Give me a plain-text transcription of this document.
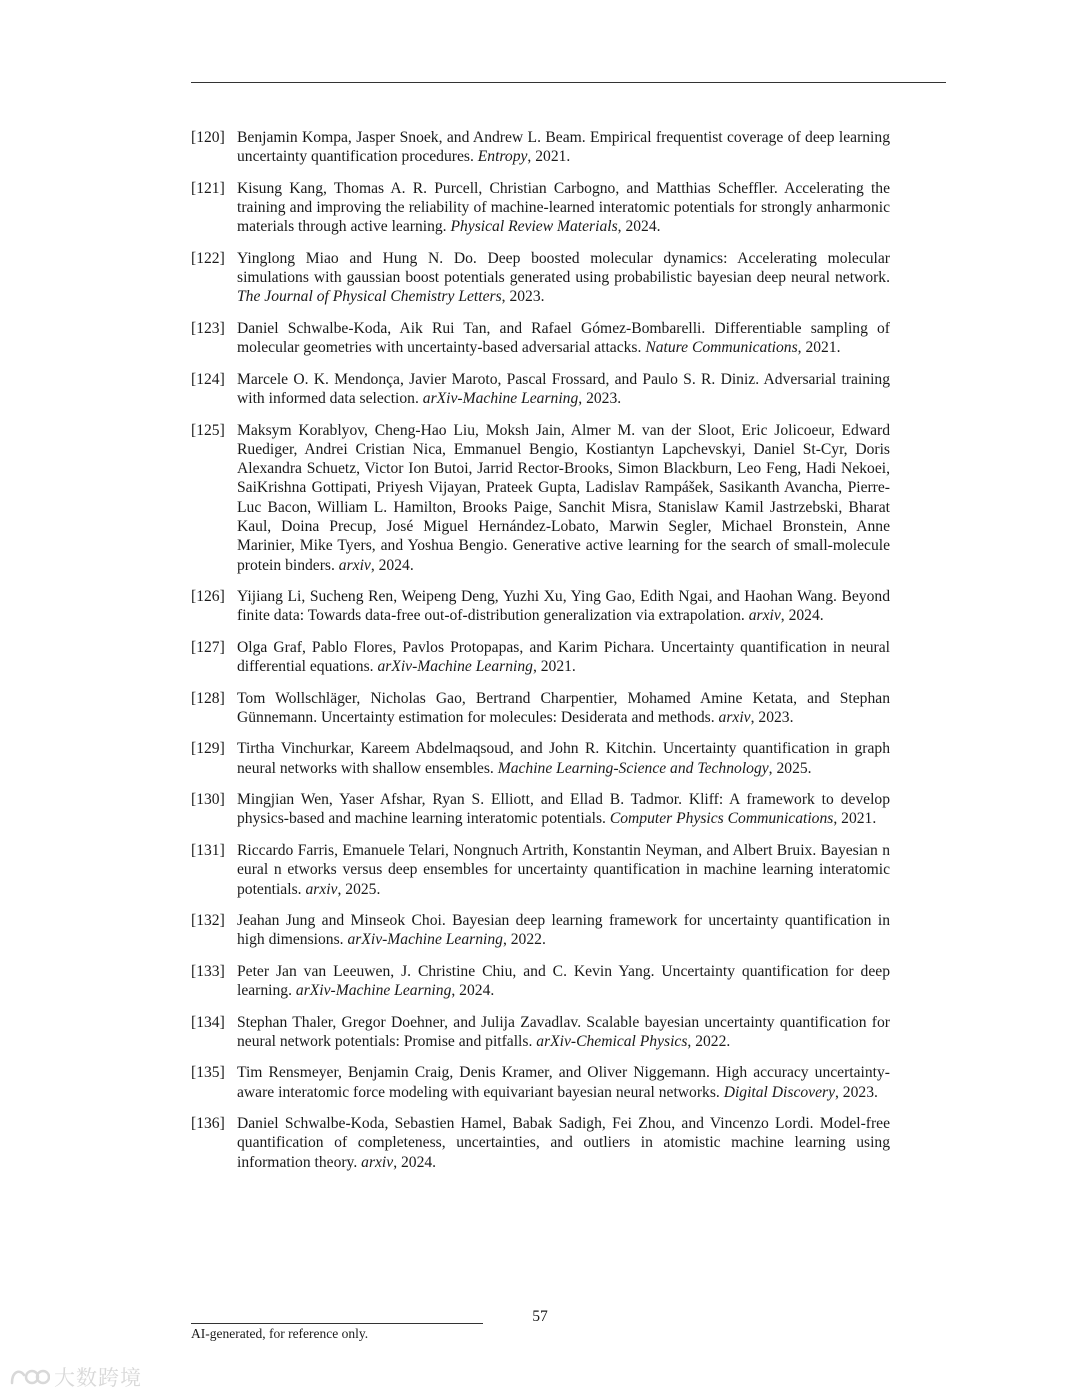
[120] Benjamin Kompa, Jasper Snoek, and Andrew L. Beam. Empirical frequentist coverage of deep learning uncertainty quantification procedures. Entropy, 2021.
[121] Kisung Kang, Thomas A. R. Purcell, Christian Carbogno, and Matthias Scheffler. Accelerating the training and improving the reliability of machine-learned interatomic potentials for strongly anharmonic materials through active learning. Physical Review Materials, 2024.
[122] Yinglong Miao and Hung N. Do. Deep boosted molecular dynamics: Accelerating molecular simulations with gaussian boost potentials generated using probabilistic bayesian deep neural network. The Journal of Physical Chemistry Letters, 2023.
[123] Daniel Schwalbe-Koda, Aik Rui Tan, and Rafael Gómez-Bombarelli. Differentiable sampling of molecular geometries with uncertainty-based adversarial attacks. Nature Communications, 2021.
[124] Marcele O. K. Mendonça, Javier Maroto, Pascal Frossard, and Paulo S. R. Diniz. Adversarial training with informed data selection. arXiv-Machine Learning, 2023.
[125] Maksym Korablyov, Cheng-Hao Liu, Moksh Jain, Almer M. van der Sloot, Eric Jolicoeur, Edward Ruediger, Andrei Cristian Nica, Emmanuel Bengio, Kostiantyn Lapchevskyi, Daniel St-Cyr, Doris Alexandra Schuetz, Victor Ion Butoi, Jarrid Rector-Brooks, Simon Blackburn, Leo Feng, Hadi Nekoei, SaiKrishna Gottipati, Priyesh Vijayan, Prateek Gupta, Ladislav Rampášek, Sasikanth Avancha, Pierre-Luc Bacon, William L. Hamilton, Brooks Paige, Sanchit Misra, Stanislaw Kamil Jastrzebski, Bharat Kaul, Doina Precup, José Miguel Hernández-Lobato, Marwin Segler, Michael Bronstein, Anne Marinier, Mike Tyers, and Yoshua Bengio. Generative active learning for the search of small-molecule protein binders. arxiv, 2024.
[126] Yijiang Li, Sucheng Ren, Weipeng Deng, Yuzhi Xu, Ying Gao, Edith Ngai, and Haohan Wang. Beyond finite data: Towards data-free out-of-distribution generalization via extrapolation. arxiv, 2024.
[127] Olga Graf, Pablo Flores, Pavlos Protopapas, and Karim Pichara. Uncertainty quantification in neural differential equations. arXiv-Machine Learning, 2021.
[128] Tom Wollschläger, Nicholas Gao, Bertrand Charpentier, Mohamed Amine Ketata, and Stephan Günnemann. Uncertainty estimation for molecules: Desiderata and methods. arxiv, 2023.
[129] Tirtha Vinchurkar, Kareem Abdelmaqsoud, and John R. Kitchin. Uncertainty quantification in graph neural networks with shallow ensembles. Machine Learning-Science and Technology, 2025.
[130] Mingjian Wen, Yaser Afshar, Ryan S. Elliott, and Ellad B. Tadmor. Kliff: A framework to develop physics-based and machine learning interatomic potentials. Computer Physics Communications, 2021.
[131] Riccardo Farris, Emanuele Telari, Nongnuch Artrith, Konstantin Neyman, and Albert Bruix. Bayesian n eural n etworks versus deep ensembles for uncertainty quantification in machine learning interatomic potentials. arxiv, 2025.
[132] Jeahan Jung and Minseok Choi. Bayesian deep learning framework for uncertainty quantification in high dimensions. arXiv-Machine Learning, 2022.
[133] Peter Jan van Leeuwen, J. Christine Chiu, and C. Kevin Yang. Uncertainty quantification for deep learning. arXiv-Machine Learning, 2024.
[134] Stephan Thaler, Gregor Doehner, and Julija Zavadlav. Scalable bayesian uncertainty quantification for neural network potentials: Promise and pitfalls. arXiv-Chemical Physics, 2022.
[135] Tim Rensmeyer, Benjamin Craig, Denis Kramer, and Oliver Niggemann. High accuracy uncertainty-aware interatomic force modeling with equivariant bayesian neural networks. Digital Discovery, 2023.
[136] Daniel Schwalbe-Koda, Sebastien Hamel, Babak Sadigh, Fei Zhou, and Vincenzo Lordi. Model-free quantification of completeness, uncertainties, and outliers in atomistic machine learning using information theory. arxiv, 2024.
57
AI-generated, for reference only.
大数跨境
